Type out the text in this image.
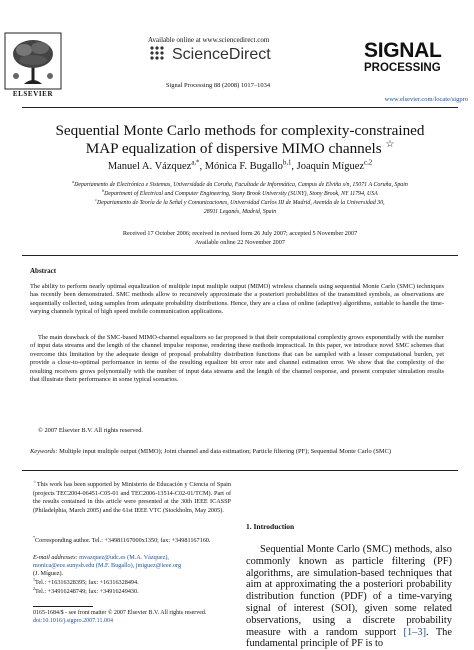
ELSEVIER
Available online at www.sciencedirect.com
ScienceDirect
Signal Processing 88 (2008) 1017–1034
SIGNAL
PROCESSING
www.elsevier.com/locate/sigpro
Sequential Monte Carlo methods for complexity-constrained
MAP equalization of dispersive MIMO channels ☆
Manuel A. Vázquez$^{a,*}$, Mónica F. Bugallo$^{b,1}$, Joaquín Míguez$^{c,2}$
$^a$Departamento de Electrónica e Sistemas, Universidade da Coruña, Facultade de Informática, Campus de Elviña s/n, 15071 A Coruña, Spain
$^b$Department of Electrical and Computer Engineering, Stony Brook University (SUNY), Stony Brook, NY 11794, USA
$^c$Departamento de Teoría de la Señal y Comunicaciones, Universidad Carlos III de Madrid, Avenida de la Universidad 30,
28911 Leganés, Madrid, Spain
Received 17 October 2006; received in revised form 26 July 2007; accepted 5 November 2007
Available online 22 November 2007
Abstract
The ability to perform nearly optimal equalization of multiple input multiple output (MIMO) wireless channels using sequential Monte Carlo (SMC) techniques has recently been demonstrated. SMC methods allow to recursively approximate the a posteriori probabilities of the transmitted symbols, as observations are sequentially collected, using samples from adequate probability distributions. Hence, they are a class of online (adaptive) algorithms, suitable to handle the time-varying channels typical of high speed mobile communication applications.
The main drawback of the SMC-based MIMO-channel equalizers so far proposed is that their computational complexity grows exponentially with the number of input data streams and the length of the channel impulse response, rendering these methods impractical. In this paper, we introduce novel SMC schemes that overcome this limitation by the adequate design of proposal probability distribution functions that can be sampled with a lesser computational burden, yet provide a close-to-optimal performance in terms of the resulting equalizer bit error rate and channel estimation error. We show that the complexity of the resulting receivers grows polynomially with the number of input data streams and the length of the channel response, and present computer simulation results that illustrate their performance in some typical scenarios.
© 2007 Elsevier B.V. All rights reserved.
Keywords: Multiple input multiple output (MIMO); Joint channel and data estimation; Particle filtering (PF); Sequential Monte Carlo (SMC)
☆This work has been supported by Ministerio de Educación y Ciencia of Spain (projects TEC2004-06451-C05-01 and TEC2006-13514-C02-01/TCM). Part of the results contained in this article were presented at the 30th IEEE ICASSP (Philadelphia, March 2005) and the 61st IEEE VTC (Stockholm, May 2005).
*Corresponding author. Tel.: +34981167000x1350; fax: +34981167160.
E-mail addresses: mvazquez@udc.es (M.A. Vázquez),
monica@ece.sunysb.edu (M.F. Bugallo), jmiguez@ieee.org
(J. Míguez).
$^1$Tel.: +16316328395; fax: +16316328494.
$^2$Tel.: +34916248749; fax: +34916249430.
1. Introduction
Sequential Monte Carlo (SMC) methods, also commonly known as particle filtering (PF) algorithms, are simulation-based techniques that aim at approximating the a posteriori probability distribution function (PDF) of a time-varying signal of interest (SOI), given some related observations, using a discrete probability measure with a random support [1–3]. The fundamental principle of PF is to
0165-1684/$ - see front matter © 2007 Elsevier B.V. All rights reserved.
doi:10.1016/j.sigpro.2007.11.004
